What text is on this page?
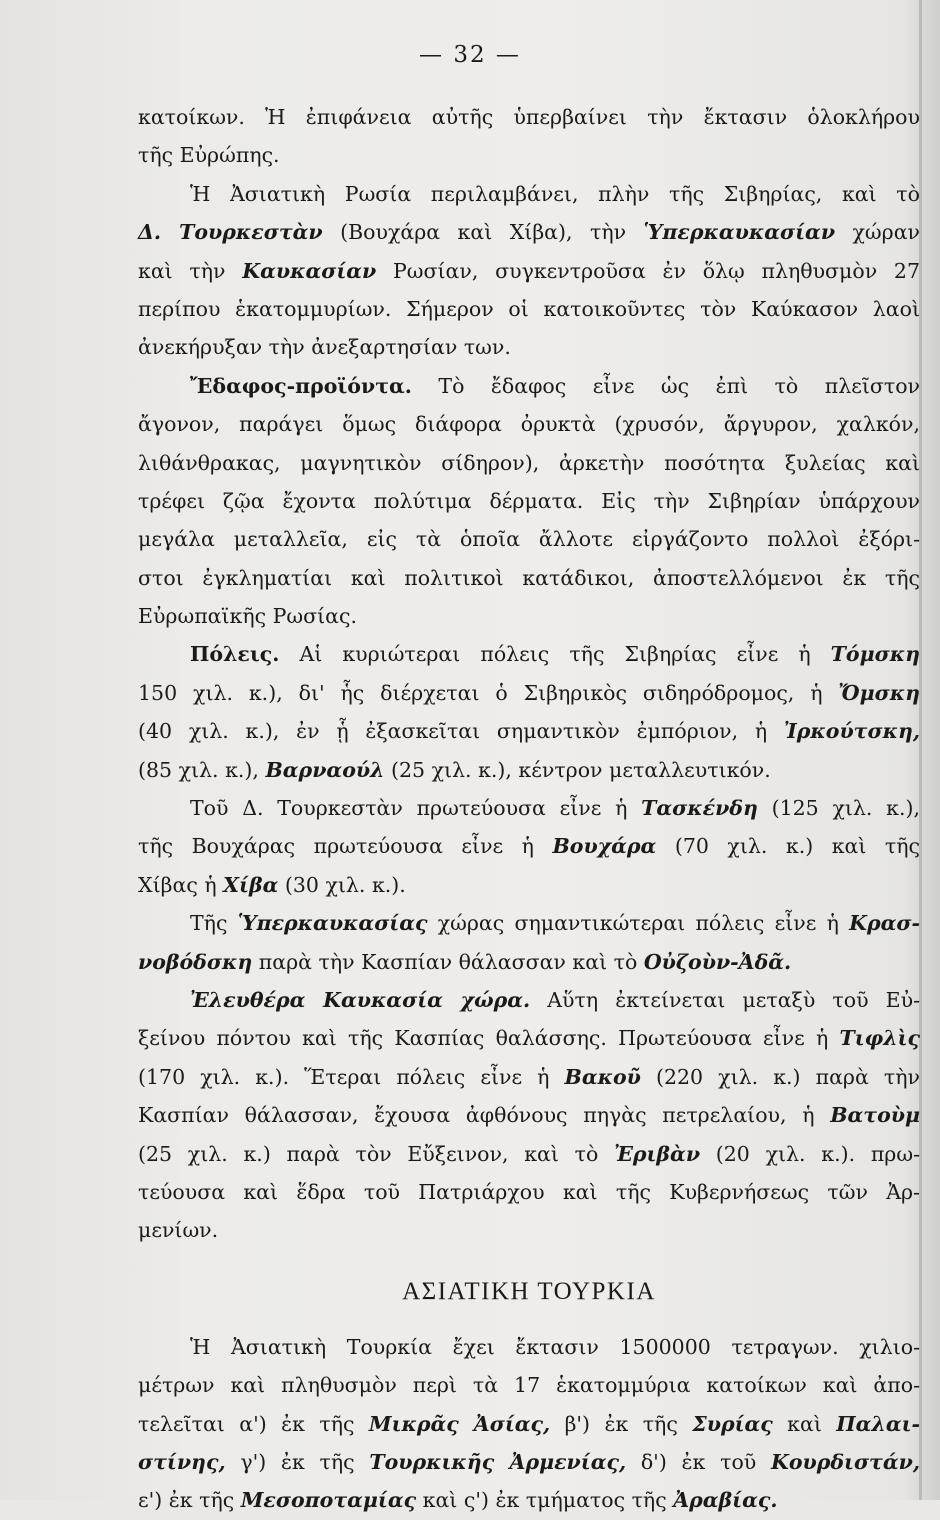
— 32 —
κατοίκων. Ἡ ἐπιφάνεια αὐτῆς ὑπερβαίνει τὴν ἔκτασιν ὁλοκλήρου
τῆς Εὐρώπης.
Ἡ Ἀσιατικὴ Ρωσία περιλαμβάνει, πλὴν τῆς Σιβηρίας, καὶ τὸ
Δ. Τουρκεστὰν (Βουχάρα καὶ Χίβα), τὴν Ὑπερκαυκασίαν χώραν
καὶ τὴν Καυκασίαν Ρωσίαν, συγκεντροῦσα ἐν ὅλῳ πληθυσμὸν 27
περίπου ἑκατομμυρίων. Σήμερον οἱ κατοικοῦντες τὸν Καύκασον λαοὶ
ἀνεκήρυξαν τὴν ἀνεξαρτησίαν των.
Ἔδαφος-προϊόντα. Τὸ ἔδαφος εἶνε ὡς ἐπὶ τὸ πλεῖστον
ἄγονον, παράγει ὅμως διάφορα ὀρυκτὰ (χρυσόν, ἄργυρον, χαλκόν,
λιθάνθρακας, μαγνητικὸν σίδηρον), ἀρκετὴν ποσότητα ξυλείας καὶ
τρέφει ζῷα ἔχοντα πολύτιμα δέρματα. Εἰς τὴν Σιβηρίαν ὑπάρχουν
μεγάλα μεταλλεῖα, εἰς τὰ ὁποῖα ἄλλοτε εἰργάζοντο πολλοὶ ἐξόρι-
στοι ἐγκληματίαι καὶ πολιτικοὶ κατάδικοι, ἀποστελλόμενοι ἐκ τῆς
Εὐρωπαϊκῆς Ρωσίας.
Πόλεις. Αἱ κυριώτεραι πόλεις τῆς Σιβηρίας εἶνε ἡ Τόμσκη
150 χιλ. κ.), δι' ἧς διέρχεται ὁ Σιβηρικὸς σιδηρόδρομος, ἡ Ὄμσκη
(40 χιλ. κ.), ἐν ᾗ ἐξασκεῖται σημαντικὸν ἐμπόριον, ἡ Ἰρκούτσκη,
(85 χιλ. κ.), Βαρναούλ (25 χιλ. κ.), κέντρον μεταλλευτικόν.
Τοῦ Δ. Τουρκεστὰν πρωτεύουσα εἶνε ἡ Τασκένδη (125 χιλ. κ.),
τῆς Βουχάρας πρωτεύουσα εἶνε ἡ Βουχάρα (70 χιλ. κ.) καὶ τῆς
Χίβας ἡ Χίβα (30 χιλ. κ.).
Τῆς Ὑπερκαυκασίας χώρας σημαντικώτεραι πόλεις εἶνε ἡ Κρασ-
νοβόδσκη παρὰ τὴν Κασπίαν θάλασσαν καὶ τὸ Οὐζοὺν-Ἀδᾶ.
Ἐλευθέρα Καυκασία χώρα. Αὕτη ἐκτείνεται μεταξὺ τοῦ Εὐ-
ξείνου πόντου καὶ τῆς Κασπίας θαλάσσης. Πρωτεύουσα εἶνε ἡ Τιφλὶς
(170 χιλ. κ.). Ἕτεραι πόλεις εἶνε ἡ Βακοῦ (220 χιλ. κ.) παρὰ τὴν
Κασπίαν θάλασσαν, ἔχουσα ἀφθόνους πηγὰς πετρελαίου, ἡ Βατοὺμ
(25 χιλ. κ.) παρὰ τὸν Εὔξεινον, καὶ τὸ Ἐριβὰν (20 χιλ. κ.). πρω-
τεύουσα καὶ ἕδρα τοῦ Πατριάρχου καὶ τῆς Κυβερνήσεως τῶν Ἀρ-
μενίων.
ΑΣΙΑΤΙΚΗ ΤΟΥΡΚΙΑ
Ἡ Ἀσιατικὴ Τουρκία ἔχει ἔκτασιν 1500000 τετραγων. χιλιο-
μέτρων καὶ πληθυσμὸν περὶ τὰ 17 ἑκατομμύρια κατοίκων καὶ ἀπο-
τελεῖται α') ἐκ τῆς Μικρᾶς Ἀσίας, β') ἐκ τῆς Συρίας καὶ Παλαι-
στίνης, γ') ἐκ τῆς Τουρκικῆς Ἀρμενίας, δ') ἐκ τοῦ Κουρδιστάν,
ε') ἐκ τῆς Μεσοποταμίας καὶ ς') ἐκ τμήματος τῆς Ἀραβίας.
